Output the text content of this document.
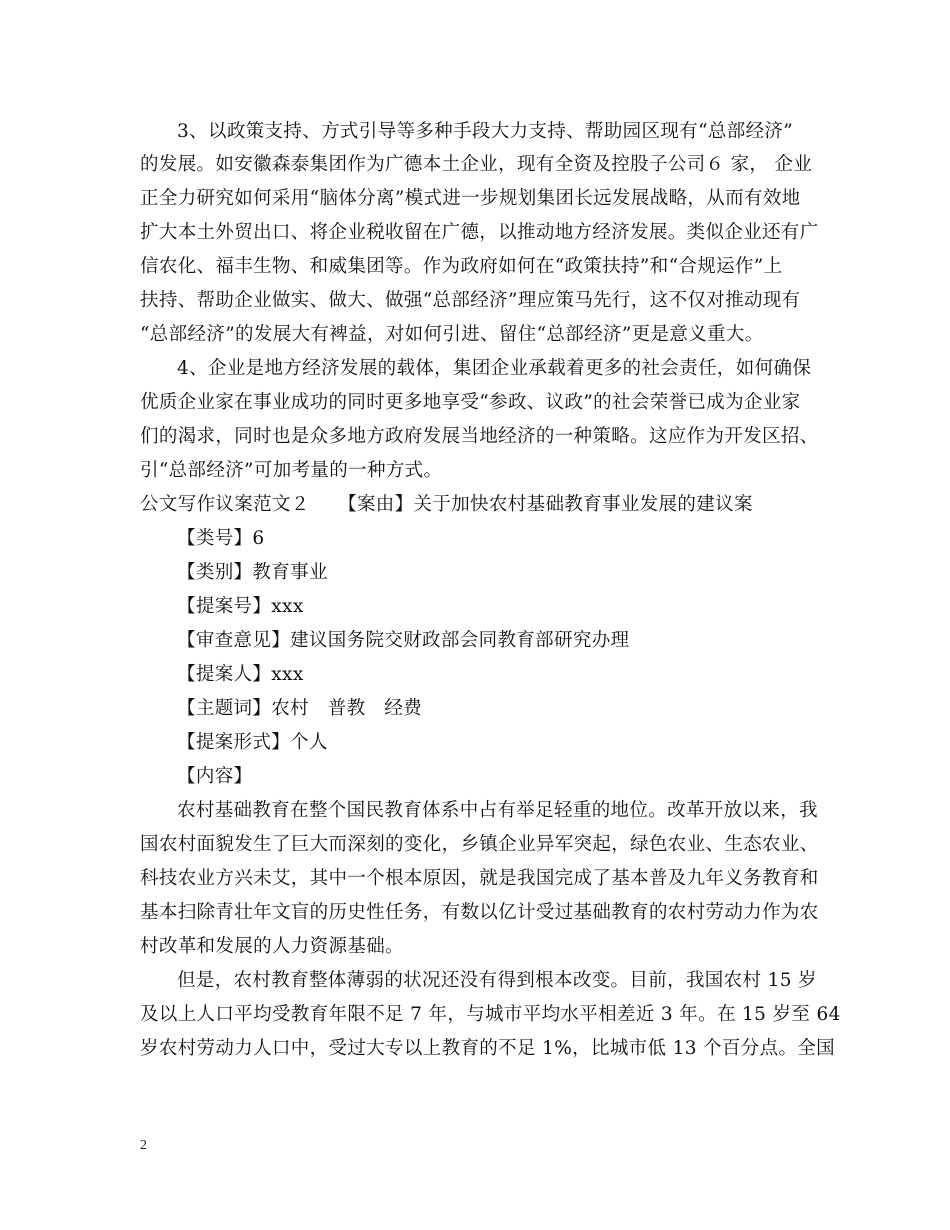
3、以政策支持、方式引导等多种手段大力支持、帮助园区现有“总部经济”
的发展。如安徽森泰集团作为广德本土企业，现有全资及控股子公司６ 家， 企业
正全力研究如何采用“脑体分离”模式进一步规划集团长远发展战略，从而有效地
扩大本土外贸出口、将企业税收留在广德，以推动地方经济发展。类似企业还有广
信农化、福丰生物、和威集团等。作为政府如何在“政策扶持”和“合规运作”上
扶持、帮助企业做实、做大、做强“总部经济”理应策马先行，这不仅对推动现有
“总部经济”的发展大有裨益，对如何引进、留住“总部经济”更是意义重大。
4、企业是地方经济发展的载体，集团企业承载着更多的社会责任，如何确保
优质企业家在事业成功的同时更多地享受“参政、议政”的社会荣誉已成为企业家
们的渴求，同时也是众多地方政府发展当地经济的一种策略。这应作为开发区招、
引“总部经济”可加考量的一种方式。
公文写作议案范文２　　【案由】关于加快农村基础教育事业发展的建议案
【类号】6
【类别】教育事业
【提案号】xxx
【审查意见】建议国务院交财政部会同教育部研究办理
【提案人】xxx
【主题词】农村　普教　经费
【提案形式】个人
【内容】
农村基础教育在整个国民教育体系中占有举足轻重的地位。改革开放以来，我
国农村面貌发生了巨大而深刻的变化，乡镇企业异军突起，绿色农业、生态农业、
科技农业方兴未艾，其中一个根本原因，就是我国完成了基本普及九年义务教育和
基本扫除青壮年文盲的历史性任务，有数以亿计受过基础教育的农村劳动力作为农
村改革和发展的人力资源基础。
但是，农村教育整体薄弱的状况还没有得到根本改变。目前，我国农村 15 岁
及以上人口平均受教育年限不足 7 年，与城市平均水平相差近 3 年。在 15 岁至 64
岁农村劳动力人口中，受过大专以上教育的不足 1%，比城市低 13 个百分点。全国
2
